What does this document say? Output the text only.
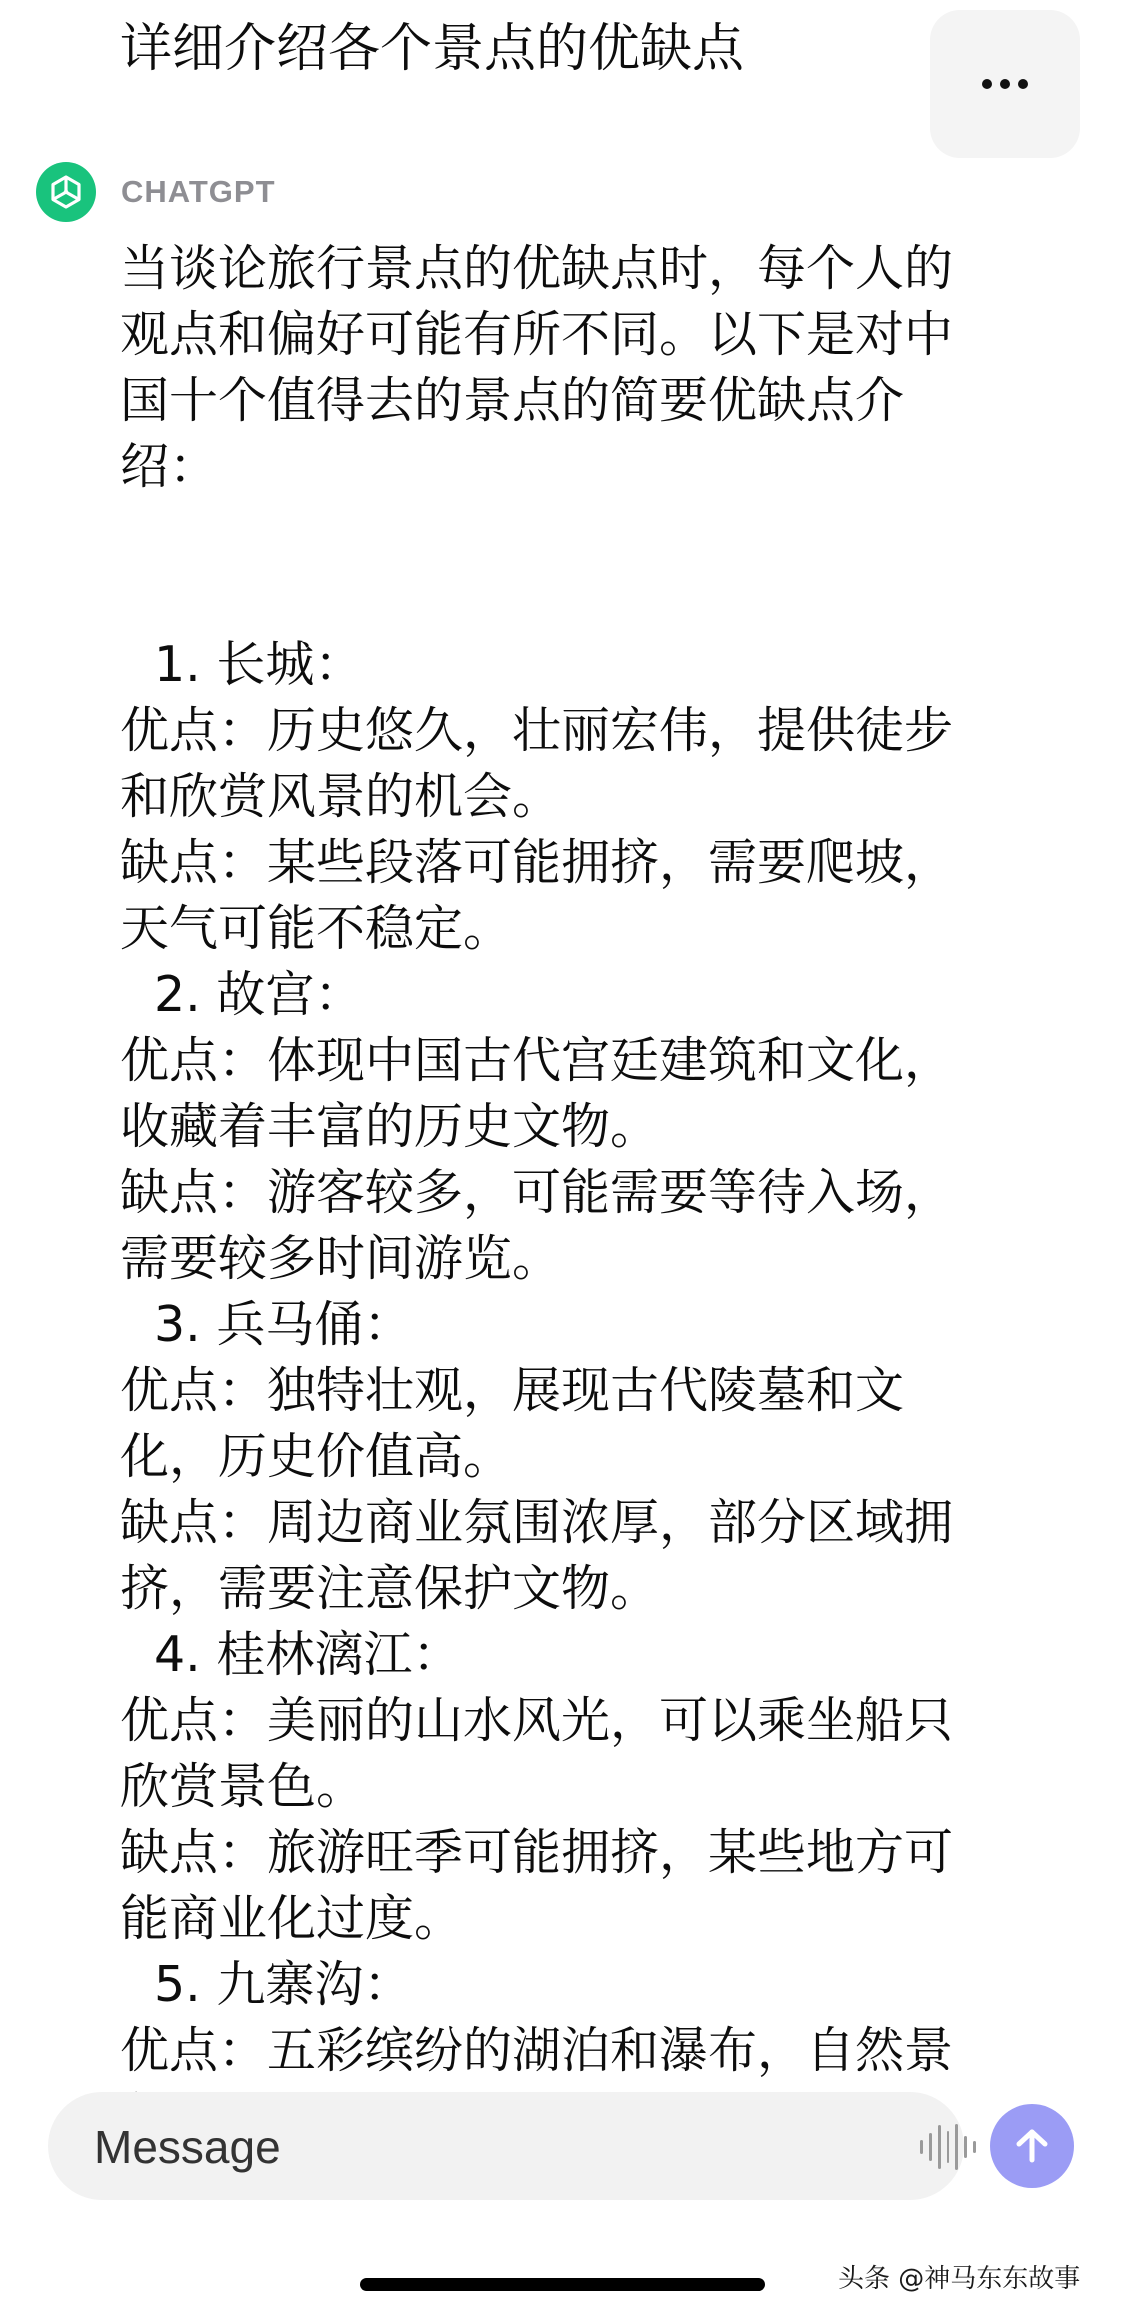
详细介绍各个景点的优缺点
CHATGPT

当谈论旅行景点的优缺点时，每个人的

观点和偏好可能有所不同。以下是对中

国十个值得去的景点的简要优缺点介

绍：

1. 长城：

优点：历史悠久，壮丽宏伟，提供徒步

和欣赏风景的机会。

缺点：某些段落可能拥挤，需要爬坡，

天气可能不稳定。

2. 故宫：

优点：体现中国古代宫廷建筑和文化，

收藏着丰富的历史文物。

缺点：游客较多，可能需要等待入场，

需要较多时间游览。

3. 兵马俑：

优点：独特壮观，展现古代陵墓和文

化，历史价值高。

缺点：周边商业氛围浓厚，部分区域拥

挤，需要注意保护文物。

4. 桂林漓江：

优点：美丽的山水风光，可以乘坐船只

欣赏景色。

缺点：旅游旺季可能拥挤，某些地方可

能商业化过度。

5. 九寨沟：

优点：五彩缤纷的湖泊和瀑布，自然景

Message
头条 @神马东东故事
